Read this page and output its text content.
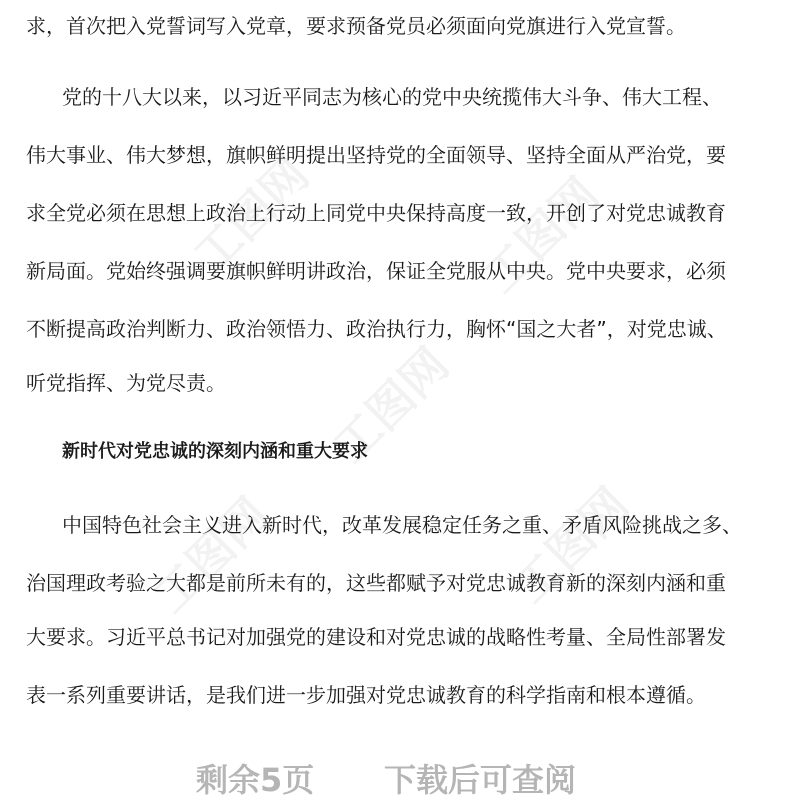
求，首次把入党誓词写入党章，要求预备党员必须面向党旗进行入党宣誓。
党的十八大以来，以习近平同志为核心的党中央统揽伟大斗争、伟大工程、
伟大事业、伟大梦想，旗帜鲜明提出坚持党的全面领导、坚持全面从严治党，要
求全党必须在思想上政治上行动上同党中央保持高度一致，开创了对党忠诚教育
新局面。党始终强调要旗帜鲜明讲政治，保证全党服从中央。党中央要求，必须
不断提高政治判断力、政治领悟力、政治执行力，胸怀“国之大者”，对党忠诚、
听党指挥、为党尽责。
新时代对党忠诚的深刻内涵和重大要求
中国特色社会主义进入新时代，改革发展稳定任务之重、矛盾风险挑战之多、
治国理政考验之大都是前所未有的，这些都赋予对党忠诚教育新的深刻内涵和重
大要求。习近平总书记对加强党的建设和对党忠诚的战略性考量、全局性部署发
表一系列重要讲话，是我们进一步加强对党忠诚教育的科学指南和根本遵循。
工图网	工图网
工图网
工图网	工图网
剩余5页 下载后可查阅
